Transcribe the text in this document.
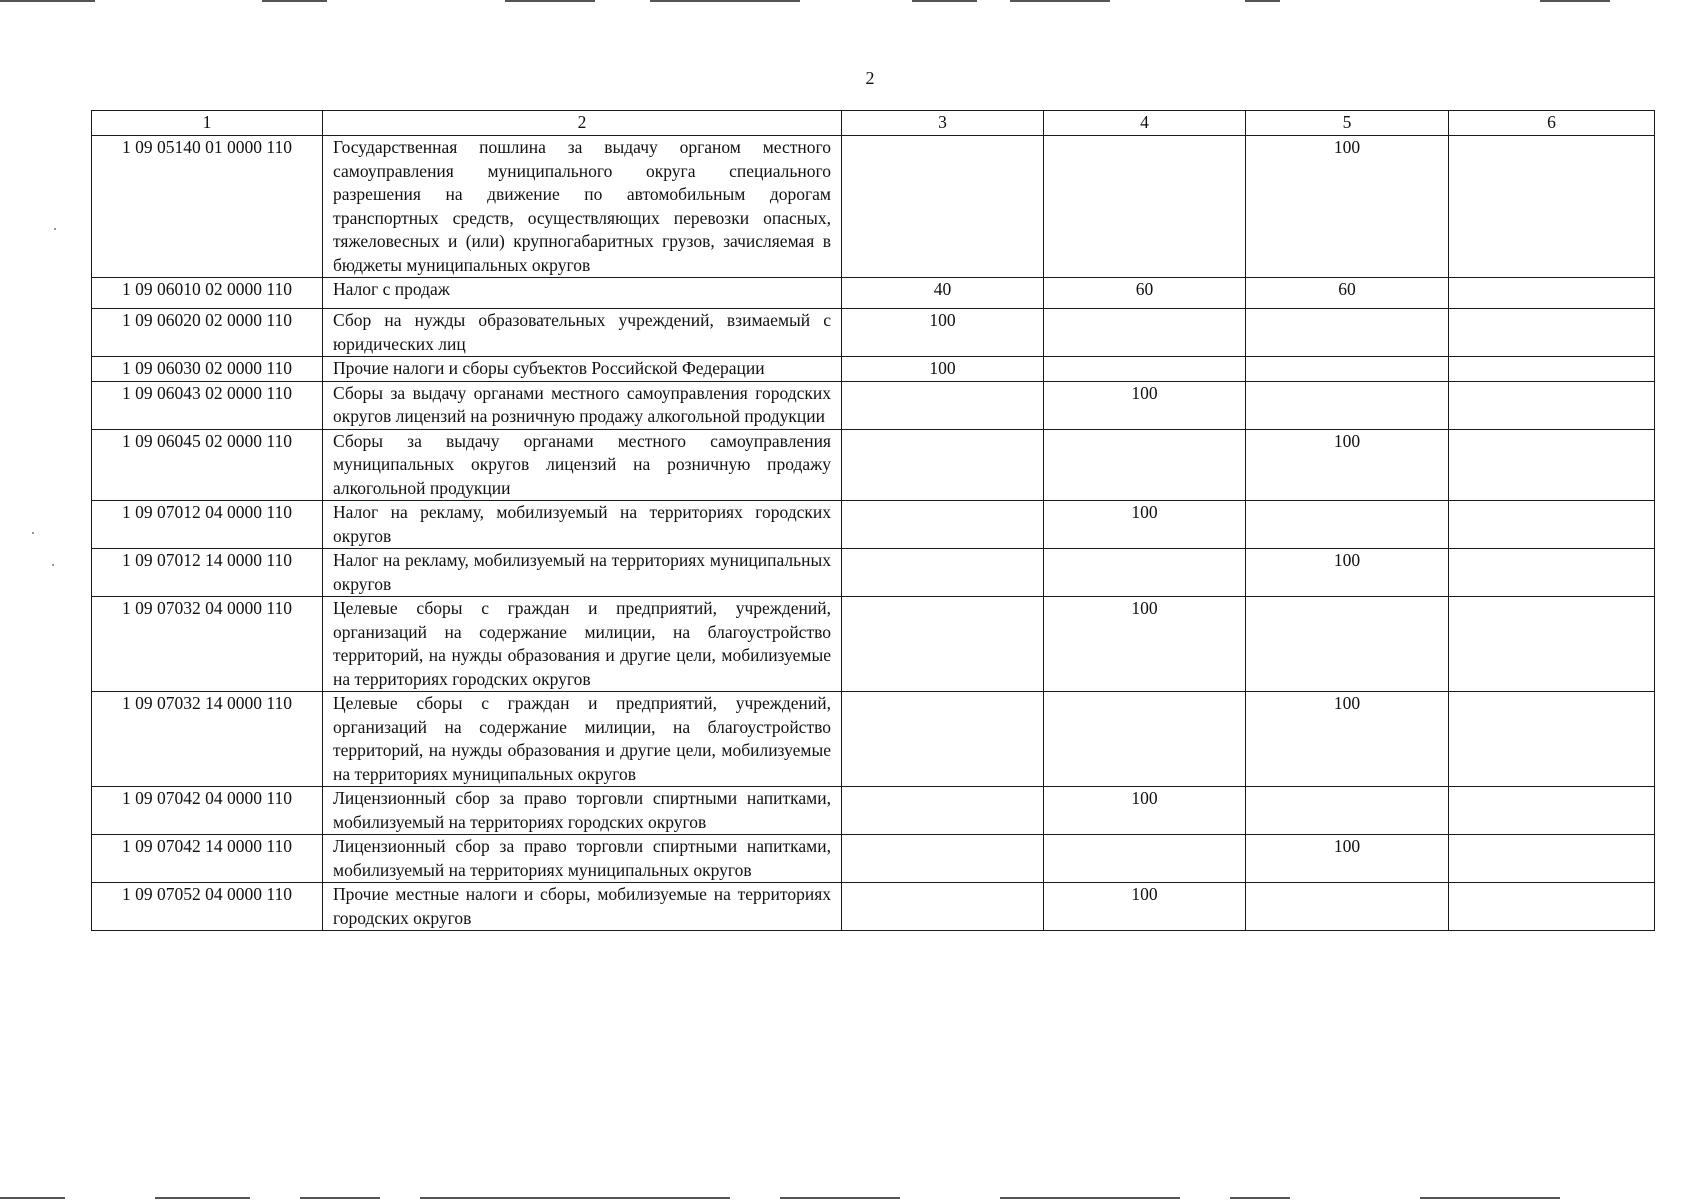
2
1	2	3	4	5	6
1 09 05140 01 0000 110	Государственная пошлина за выдачу органом местного самоуправления муниципального округа специального разрешения на движение по автомобильным дорогам транспортных средств, осуществляющих перевозки опасных, тяжеловесных и (или) крупногабаритных грузов, зачисляемая в бюджеты муниципальных округов			100	
1 09 06010 02 0000 110	Налог с продаж	40	60	60	
1 09 06020 02 0000 110	Сбор на нужды образовательных учреждений, взимаемый с юридических лиц	100			
1 09 06030 02 0000 110	Прочие налоги и сборы субъектов Российской Федерации	100			
1 09 06043 02 0000 110	Сборы за выдачу органами местного самоуправления городских округов лицензий на розничную продажу алкогольной продукции		100		
1 09 06045 02 0000 110	Сборы за выдачу органами местного самоуправления муниципальных округов лицензий на розничную продажу алкогольной продукции			100	
1 09 07012 04 0000 110	Налог на рекламу, мобилизуемый на территориях городских округов		100		
1 09 07012 14 0000 110	Налог на рекламу, мобилизуемый на территориях муниципальных округов			100	
1 09 07032 04 0000 110	Целевые сборы с граждан и предприятий, учреждений, организаций на содержание милиции, на благоустройство территорий, на нужды образования и другие цели, мобилизуемые на территориях городских округов		100		
1 09 07032 14 0000 110	Целевые сборы с граждан и предприятий, учреждений, организаций на содержание милиции, на благоустройство территорий, на нужды образования и другие цели, мобилизуемые на территориях муниципальных округов			100	
1 09 07042 04 0000 110	Лицензионный сбор за право торговли спиртными напитками, мобилизуемый на территориях городских округов		100		
1 09 07042 14 0000 110	Лицензионный сбор за право торговли спиртными напитками, мобилизуемый на территориях муниципальных округов			100	
1 09 07052 04 0000 110	Прочие местные налоги и сборы, мобилизуемые на территориях городских округов		100		
